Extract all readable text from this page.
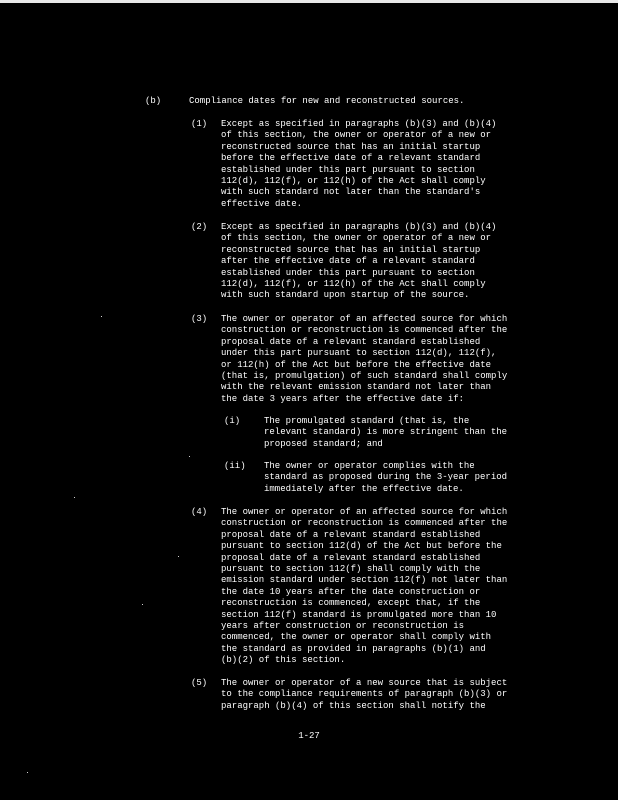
(b)	Compliance dates for new and reconstructed sources.
(1) Except as specified in paragraphs (b)(3) and (b)(4)
of this section, the owner or operator of a new or
reconstructed source that has an initial startup
before the effective date of a relevant standard
established under this part pursuant to section
112(d), 112(f), or 112(h) of the Act shall comply
with such standard not later than the standard's
effective date.
(2) Except as specified in paragraphs (b)(3) and (b)(4)
of this section, the owner or operator of a new or
reconstructed source that has an initial startup
after the effective date of a relevant standard
established under this part pursuant to section
112(d), 112(f), or 112(h) of the Act shall comply
with such standard upon startup of the source.
(3) The owner or operator of an affected source for which
construction or reconstruction is commenced after the
proposal date of a relevant standard established
under this part pursuant to section 112(d), 112(f),
or 112(h) of the Act but before the effective date
(that is, promulgation) of such standard shall comply
with the relevant emission standard not later than
the date 3 years after the effective date if:
(i)	The promulgated standard (that is, the
relevant standard) is more stringent than the
proposed standard; and
(ii) The owner or operator complies with the
standard as proposed during the 3-year period
immediately after the effective date.
(4) The owner or operator of an affected source for which
construction or reconstruction is commenced after the
proposal date of a relevant standard established
pursuant to section 112(d) of the Act but before the
proposal date of a relevant standard established
pursuant to section 112(f) shall comply with the
emission standard under section 112(f) not later than
the date 10 years after the date construction or
reconstruction is commenced, except that, if the
section 112(f) standard is promulgated more than 10
years after construction or reconstruction is
commenced, the owner or operator shall comply with
the standard as provided in paragraphs (b)(1) and
(b)(2) of this section.
(5) The owner or operator of a new source that is subject
to the compliance requirements of paragraph (b)(3) or
paragraph (b)(4) of this section shall notify the
1-27
